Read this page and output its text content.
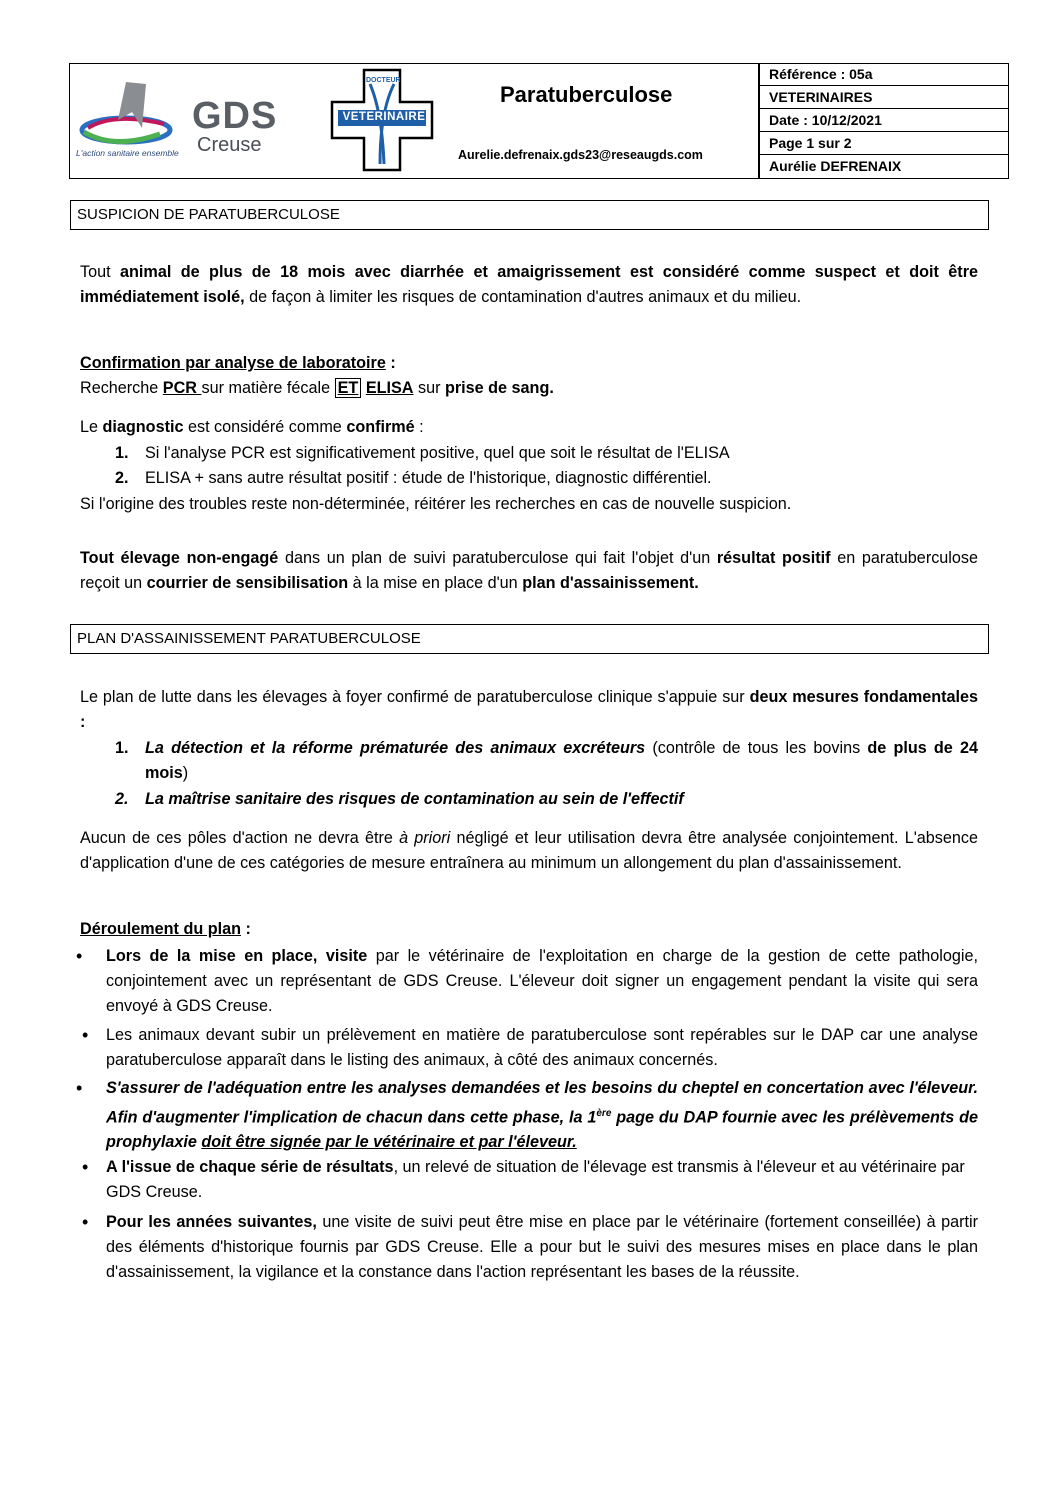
GDS
Creuse
L'action sanitaire ensemble
DOCTEUR
VETERINAIRE
Paratuberculose
Aurelie.defrenaix.gds23@reseaugds.com
Référence : 05a
VETERINAIRES
Date : 10/12/2021
Page 1 sur 2
Aurélie DEFRENAIX
SUSPICION DE PARATUBERCULOSE
Tout animal de plus de 18 mois avec diarrhée et amaigrissement est considéré comme suspect et doit être immédiatement isolé, de façon à limiter les risques de contamination d'autres animaux et du milieu.
Confirmation par analyse de laboratoire :
Recherche PCR sur matière fécale ET ELISA sur prise de sang.
Le diagnostic est considéré comme confirmé :
1. Si l'analyse PCR est significativement positive, quel que soit le résultat de l'ELISA
2. ELISA + sans autre résultat positif : étude de l'historique, diagnostic différentiel.
Si l'origine des troubles reste non-déterminée, réitérer les recherches en cas de nouvelle suspicion.
Tout élevage non-engagé dans un plan de suivi paratuberculose qui fait l'objet d'un résultat positif en paratuberculose reçoit un courrier de sensibilisation à la mise en place d'un plan d'assainissement.
PLAN D'ASSAINISSEMENT PARATUBERCULOSE
Le plan de lutte dans les élevages à foyer confirmé de paratuberculose clinique s'appuie sur deux mesures fondamentales :
1. La détection et la réforme prématurée des animaux excréteurs (contrôle de tous les bovins de plus de 24 mois)
2. La maîtrise sanitaire des risques de contamination au sein de l'effectif
Aucun de ces pôles d'action ne devra être à priori négligé et leur utilisation devra être analysée conjointement. L'absence d'application d'une de ces catégories de mesure entraînera au minimum un allongement du plan d'assainissement.
Déroulement du plan :
• Lors de la mise en place, visite par le vétérinaire de l'exploitation en charge de la gestion de cette pathologie, conjointement avec un représentant de GDS Creuse. L'éleveur doit signer un engagement pendant la visite qui sera envoyé à GDS Creuse.
• Les animaux devant subir un prélèvement en matière de paratuberculose sont repérables sur le DAP car une analyse paratuberculose apparaît dans le listing des animaux, à côté des animaux concernés.
• S'assurer de l'adéquation entre les analyses demandées et les besoins du cheptel en concertation avec l'éleveur. Afin d'augmenter l'implication de chacun dans cette phase, la 1ère page du DAP fournie avec les prélèvements de prophylaxie doit être signée par le vétérinaire et par l'éleveur.
• A l'issue de chaque série de résultats, un relevé de situation de l'élevage est transmis à l'éleveur et au vétérinaire par GDS Creuse.
• Pour les années suivantes, une visite de suivi peut être mise en place par le vétérinaire (fortement conseillée) à partir des éléments d'historique fournis par GDS Creuse. Elle a pour but le suivi des mesures mises en place dans le plan d'assainissement, la vigilance et la constance dans l'action représentant les bases de la réussite.
